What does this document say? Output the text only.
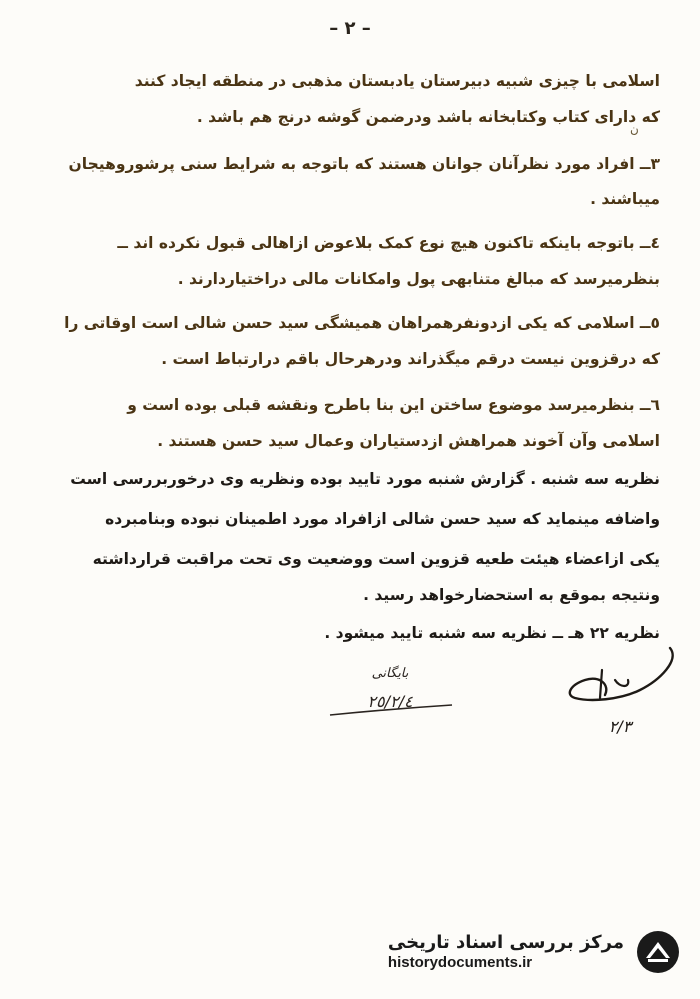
– ٢ –
ن
اسلامی با چیزی شبیه دبیرستان یادبستان مذهبی در منطقه ایجاد کنند
که دارای کتاب وکتابخانه باشد ودرضمن گوشه درنج هم باشد .
٣ــ افراد مورد نظرآنان جوانان هستند که باتوجه به شرایط سنی پرشوروهیجان
میباشند .
٤ــ باتوجه باینکه تاکنون هیچ نوع کمک بلاعوض ازاهالی قبول نکرده اند ــ
بنظرمیرسد که مبالغ متنابهی پول وامکانات مالی دراختیاردارند .
٥ــ اسلامی که یکی ازدونفرهمراهان همیشگی سید حسن شالی است اوقاتی را
که درقزوین نیست درقم میگذراند ودرهرحال باقم درارتباط است .
٦ــ بنظرمیرسد موضوع ساختن این بنا باطرح ونقشه قبلی بوده است و
اسلامی وآن آخوند همراهش ازدستیاران وعمال سید حسن هستند .
نظریه سه شنبه . گزارش شنبه مورد تایید بوده ونظریه وی درخوربررسی است
واضافه مینماید که سید حسن شالی ازافراد مورد اطمینان نبوده وبنامبرده
یکی ازاعضاء هیئت طعیه قزوین است ووضعیت وی تحت مراقبت قرارداشته
ونتیجه بموقع به استحضارخواهد رسید .
نظریه ٢٢ هـ ــ نظریه سه شنبه تایید میشود .
بایگانی
٢٥/٢/٤
٢/٣
مرکز بررسی اسناد تاریخی
historydocuments.ir
